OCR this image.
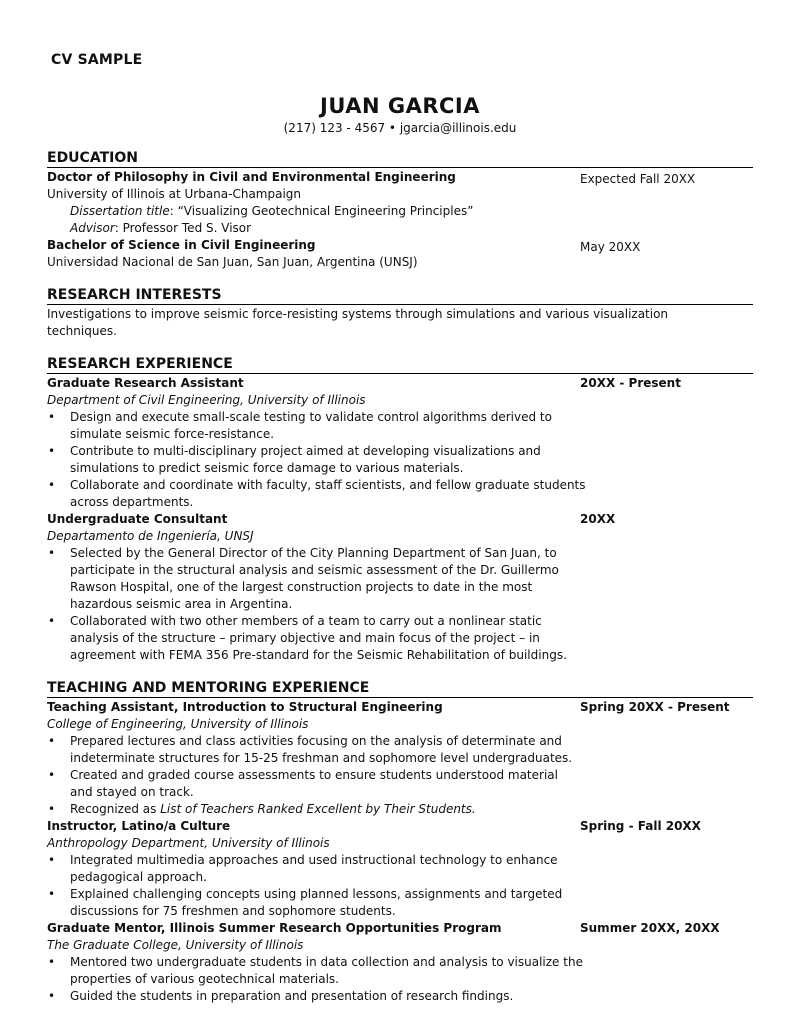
CV SAMPLE
JUAN GARCIA
(217) 123 - 4567 • jgarcia@illinois.edu
EDUCATION
Doctor of Philosophy in Civil and Environmental Engineering	Expected Fall 20XX
University of Illinois at Urbana-Champaign
Dissertation title: “Visualizing Geotechnical Engineering Principles”
Advisor: Professor Ted S. Visor
Bachelor of Science in Civil Engineering	May 20XX
Universidad Nacional de San Juan, San Juan, Argentina (UNSJ)
RESEARCH INTERESTS
Investigations to improve seismic force-resisting systems through simulations and various visualization techniques.
RESEARCH EXPERIENCE
Graduate Research Assistant	20XX - Present
Department of Civil Engineering, University of Illinois
• Design and execute small-scale testing to validate control algorithms derived to simulate seismic force-resistance.
• Contribute to multi-disciplinary project aimed at developing visualizations and simulations to predict seismic force damage to various materials.
• Collaborate and coordinate with faculty, staff scientists, and fellow graduate students across departments.
Undergraduate Consultant	20XX
Departamento de Ingeniería, UNSJ
• Selected by the General Director of the City Planning Department of San Juan, to participate in the structural analysis and seismic assessment of the Dr. Guillermo Rawson Hospital, one of the largest construction projects to date in the most hazardous seismic area in Argentina.
• Collaborated with two other members of a team to carry out a nonlinear static analysis of the structure – primary objective and main focus of the project – in agreement with FEMA 356 Pre-standard for the Seismic Rehabilitation of buildings.
TEACHING AND MENTORING EXPERIENCE
Teaching Assistant, Introduction to Structural Engineering	Spring 20XX - Present
College of Engineering, University of Illinois
• Prepared lectures and class activities focusing on the analysis of determinate and indeterminate structures for 15-25 freshman and sophomore level undergraduates.
• Created and graded course assessments to ensure students understood material and stayed on track.
• Recognized as List of Teachers Ranked Excellent by Their Students.
Instructor, Latino/a Culture	Spring - Fall 20XX
Anthropology Department, University of Illinois
• Integrated multimedia approaches and used instructional technology to enhance pedagogical approach.
• Explained challenging concepts using planned lessons, assignments and targeted discussions for 75 freshmen and sophomore students.
Graduate Mentor, Illinois Summer Research Opportunities Program	Summer 20XX, 20XX
The Graduate College, University of Illinois
• Mentored two undergraduate students in data collection and analysis to visualize the properties of various geotechnical materials.
• Guided the students in preparation and presentation of research findings.
